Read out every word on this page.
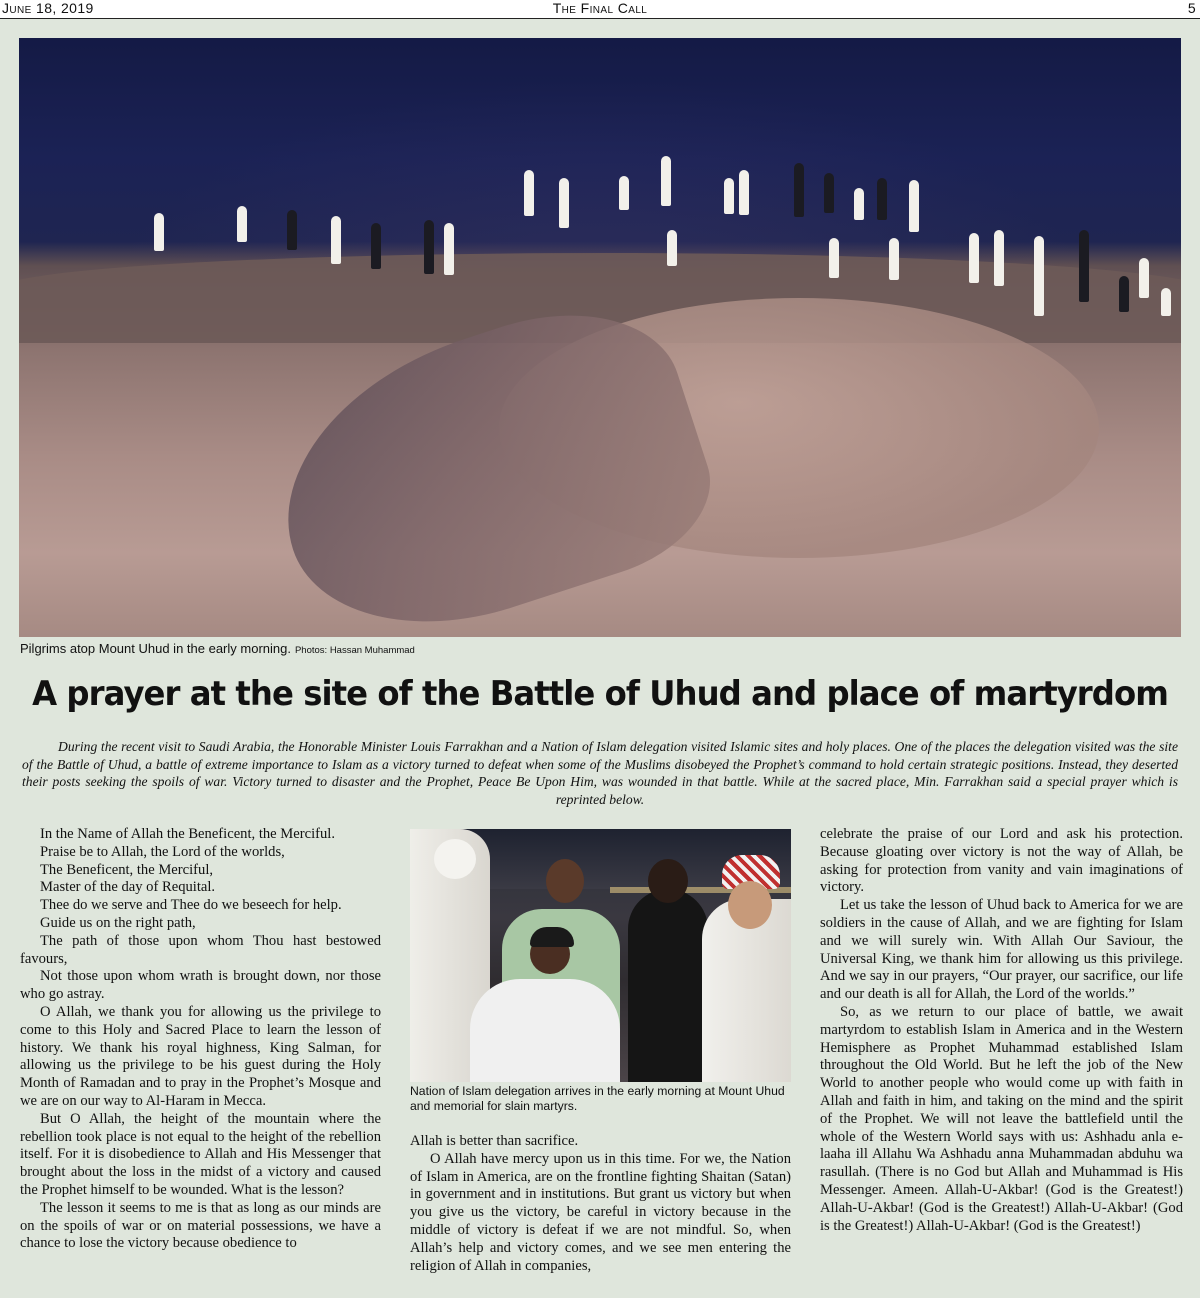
June 18, 2019	The Final Call	5
Pilgrims atop Mount Uhud in the early morning. Photos: Hassan Muhammad
A prayer at the site of the Battle of Uhud and place of martyrdom
During the recent visit to Saudi Arabia, the Honorable Minister Louis Farrakhan and a Nation of Islam delegation visited Islamic sites and holy places. One of the places the delegation visited was the site of the Battle of Uhud, a battle of extreme importance to Islam as a victory turned to defeat when some of the Muslims disobeyed the Prophet’s command to hold certain strategic positions. Instead, they deserted their posts seeking the spoils of war. Victory turned to disaster and the Prophet, Peace Be Upon Him, was wounded in that battle. While at the sacred place, Min. Farrakhan said a special prayer which is reprinted below.

In the Name of Allah the Beneficent, the Merciful.

Praise be to Allah, the Lord of the worlds,

The Beneficent, the Merciful,

Master of the day of Requital.

Thee do we serve and Thee do we beseech for help.

Guide us on the right path,

The path of those upon whom Thou hast bestowed favours,

Not those upon whom wrath is brought down, nor those who go astray.

O Allah, we thank you for allowing us the privilege to come to this Holy and Sacred Place to learn the lesson of history. We thank his royal highness, King Salman, for allowing us the privilege to be his guest during the Holy Month of Ramadan and to pray in the Prophet’s Mosque and we are on our way to Al-Haram in Mecca.

But O Allah, the height of the mountain where the rebellion took place is not equal to the height of the rebellion itself. For it is disobedience to Allah and His Messenger that brought about the loss in the midst of a victory and caused the Prophet himself to be wounded. What is the lesson?

The lesson it seems to me is that as long as our minds are on the spoils of war or on material possessions, we have a chance to lose the victory because obedience to

Nation of Islam delegation arrives in the early morning at Mount Uhud and memorial for slain martyrs.

Allah is better than sacrifice.

O Allah have mercy upon us in this time. For we, the Nation of Islam in America, are on the frontline fighting Shaitan (Satan) in government and in institutions. But grant us victory but when you give us the victory, be careful in victory because in the middle of victory is defeat if we are not mindful. So, when Allah’s help and victory comes, and we see men entering the religion of Allah in companies,

celebrate the praise of our Lord and ask his protection. Because gloating over victory is not the way of Allah, be asking for protection from vanity and vain imaginations of victory.

Let us take the lesson of Uhud back to America for we are soldiers in the cause of Allah, and we are fighting for Islam and we will surely win. With Allah Our Saviour, the Universal King, we thank him for allowing us this privilege. And we say in our prayers, “Our prayer, our sacrifice, our life and our death is all for Allah, the Lord of the worlds.”

So, as we return to our place of battle, we await martyrdom to establish Islam in America and in the Western Hemisphere as Prophet Muhammad established Islam throughout the Old World. But he left the job of the New World to another people who would come up with faith in Allah and faith in him, and taking on the mind and the spirit of the Prophet. We will not leave the battlefield until the whole of the Western World says with us: Ashhadu anla e-laaha ill Allahu Wa Ashhadu anna Muhammadan abduhu wa rasullah. (There is no God but Allah and Muhammad is His Messenger. Ameen. Allah-U-Akbar! (God is the Greatest!) Allah-U-Akbar! (God is the Greatest!) Allah-U-Akbar! (God is the Greatest!) Allah-U-Akbar! (God is the Greatest!)
